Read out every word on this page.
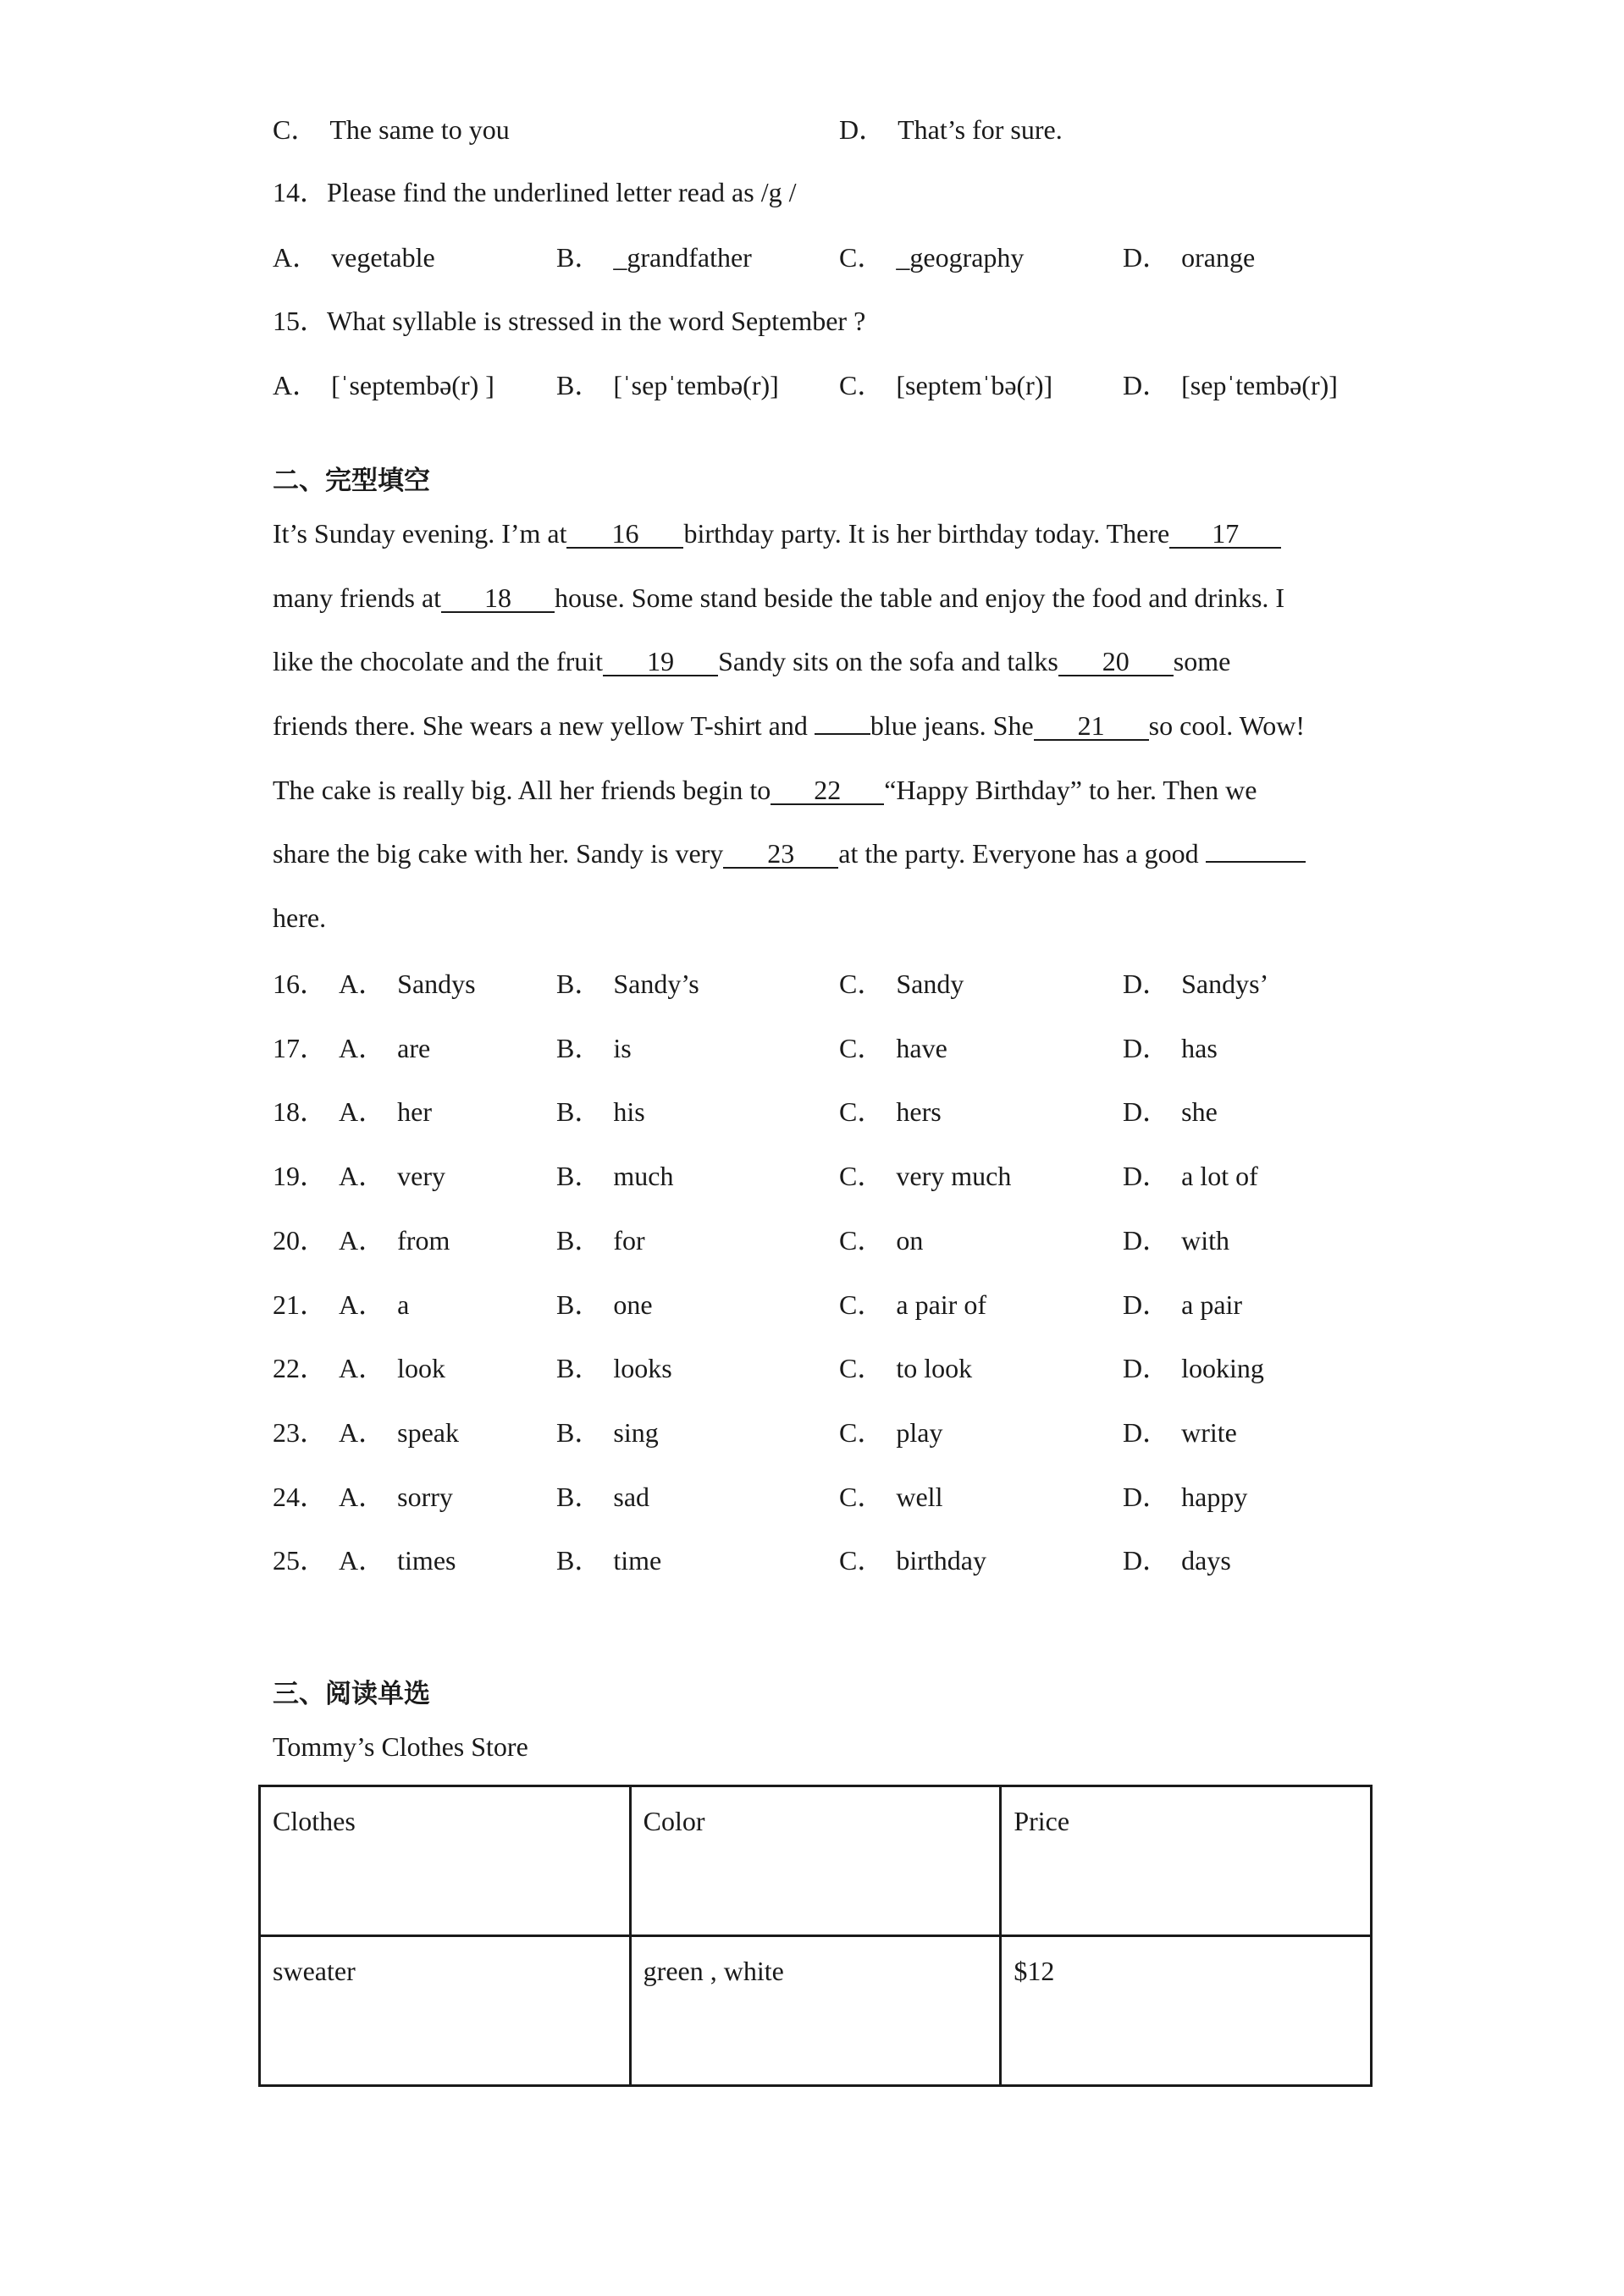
C． The same to you	D． That’s for sure.
14．Please find the underlined letter read as /g /
A． vegetable	B． _grandfather	C． _geography	D． orange
15．What syllable is stressed in the word September ?
A． [ˈseptembə(r) ] B． [ˈsepˈtembə(r)] C． [septemˈbə(r)]	D． [sepˈtembə(r)]
二、完型填空
It’s Sunday evening. I’m at 16 birthday party. It is her birthday today. There 17
many friends at 18 house. Some stand beside the table and enjoy the food and drinks. I
like the chocolate and the fruit 19 Sandy sits on the sofa and talks 20 some
friends there. She wears a new yellow T-shirt and blue jeans. She 21 so cool. Wow!
The cake is really big. All her friends begin to 22 “Happy Birthday” to her. Then we
share the big cake with her. Sandy is very 23 at the party. Everyone has a good
here.
16． A． Sandys	B． Sandy’s	C． Sandy	D． Sandys’
17． A． are	B． is	C． have	D． has
18． A． her	B． his	C． hers	D． she
19． A． very	B． much	C． very much	D． a lot of
20． A． from	B． for	C． on	D． with
21． A． a	B． one	C． a pair of	D． a pair
22． A． look	B． looks	C． to look	D． looking
23． A． speak	B． sing	C． play	D． write
24． A． sorry	B． sad	C． well	D． happy
25． A． times	B． time	C． birthday	D． days
三、阅读单选
Tommy’s Clothes Store
Clothes	Color	Price
sweater	green , white	$12
